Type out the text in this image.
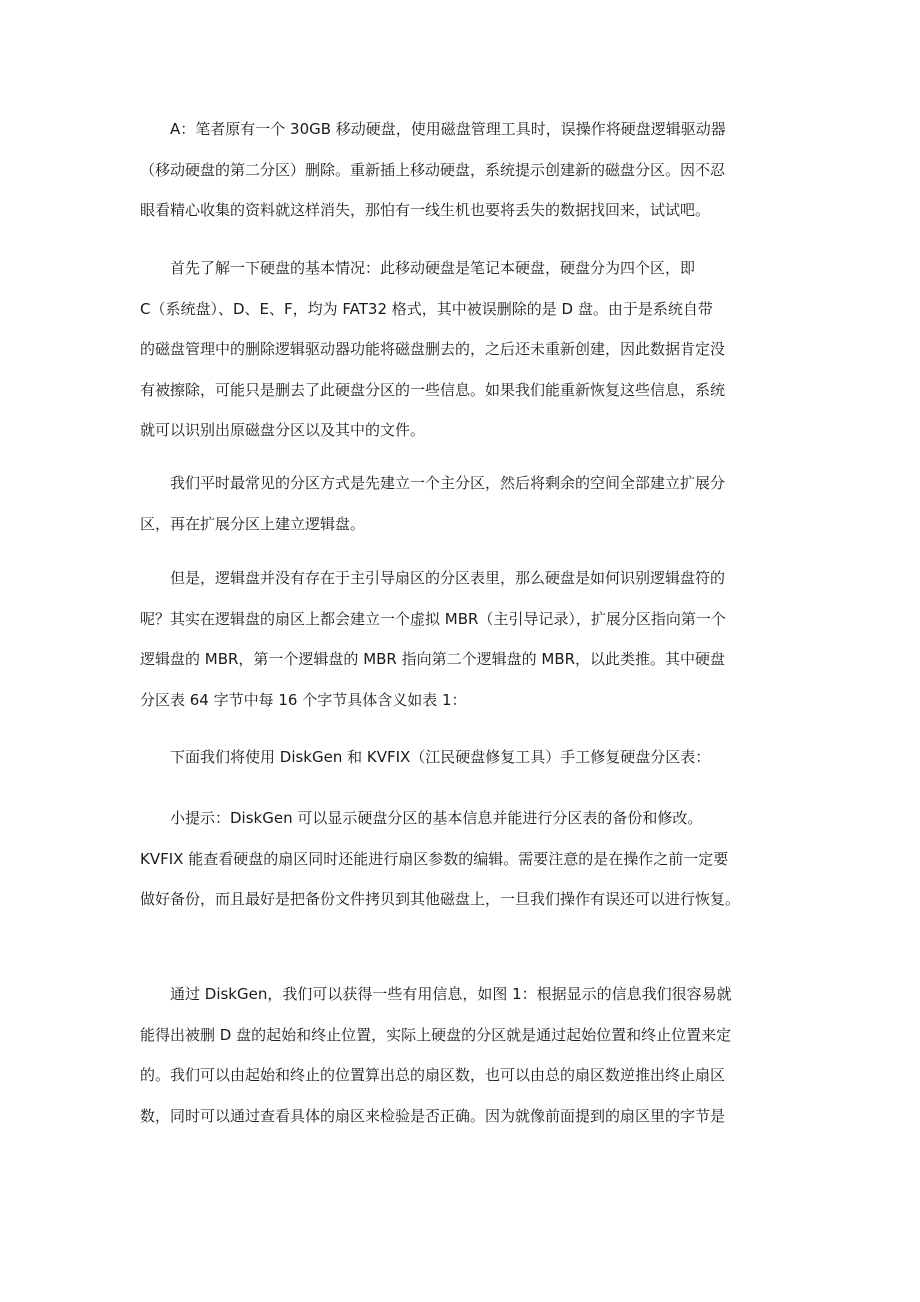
A：笔者原有一个 30GB 移动硬盘，使用磁盘管理工具时，误操作将硬盘逻辑驱动器
（移动硬盘的第二分区）删除。重新插上移动硬盘，系统提示创建新的磁盘分区。因不忍
眼看精心收集的资料就这样消失，那怕有一线生机也要将丢失的数据找回来，试试吧。

首先了解一下硬盘的基本情况：此移动硬盘是笔记本硬盘，硬盘分为四个区，即
C（系统盘）、D、E、F，均为 FAT32 格式，其中被误删除的是 D 盘。由于是系统自带
的磁盘管理中的删除逻辑驱动器功能将磁盘删去的，之后还未重新创建，因此数据肯定没
有被擦除，可能只是删去了此硬盘分区的一些信息。如果我们能重新恢复这些信息，系统
就可以识别出原磁盘分区以及其中的文件。

我们平时最常见的分区方式是先建立一个主分区，然后将剩余的空间全部建立扩展分
区，再在扩展分区上建立逻辑盘。

但是，逻辑盘并没有存在于主引导扇区的分区表里，那么硬盘是如何识别逻辑盘符的
呢？其实在逻辑盘的扇区上都会建立一个虚拟 MBR（主引导记录），扩展分区指向第一个
逻辑盘的 MBR，第一个逻辑盘的 MBR 指向第二个逻辑盘的 MBR，以此类推。其中硬盘
分区表 64 字节中每 16 个字节具体含义如表 1：

下面我们将使用 DiskGen 和 KVFIX（江民硬盘修复工具）手工修复硬盘分区表：

小提示：DiskGen 可以显示硬盘分区的基本信息并能进行分区表的备份和修改。
KVFIX 能查看硬盘的扇区同时还能进行扇区参数的编辑。需要注意的是在操作之前一定要
做好备份，而且最好是把备份文件拷贝到其他磁盘上，一旦我们操作有误还可以进行恢复。

通过 DiskGen，我们可以获得一些有用信息，如图 1：根据显示的信息我们很容易就
能得出被删 D 盘的起始和终止位置，实际上硬盘的分区就是通过起始位置和终止位置来定
的。我们可以由起始和终止的位置算出总的扇区数，也可以由总的扇区数逆推出终止扇区
数，同时可以通过查看具体的扇区来检验是否正确。因为就像前面提到的扇区里的字节是
